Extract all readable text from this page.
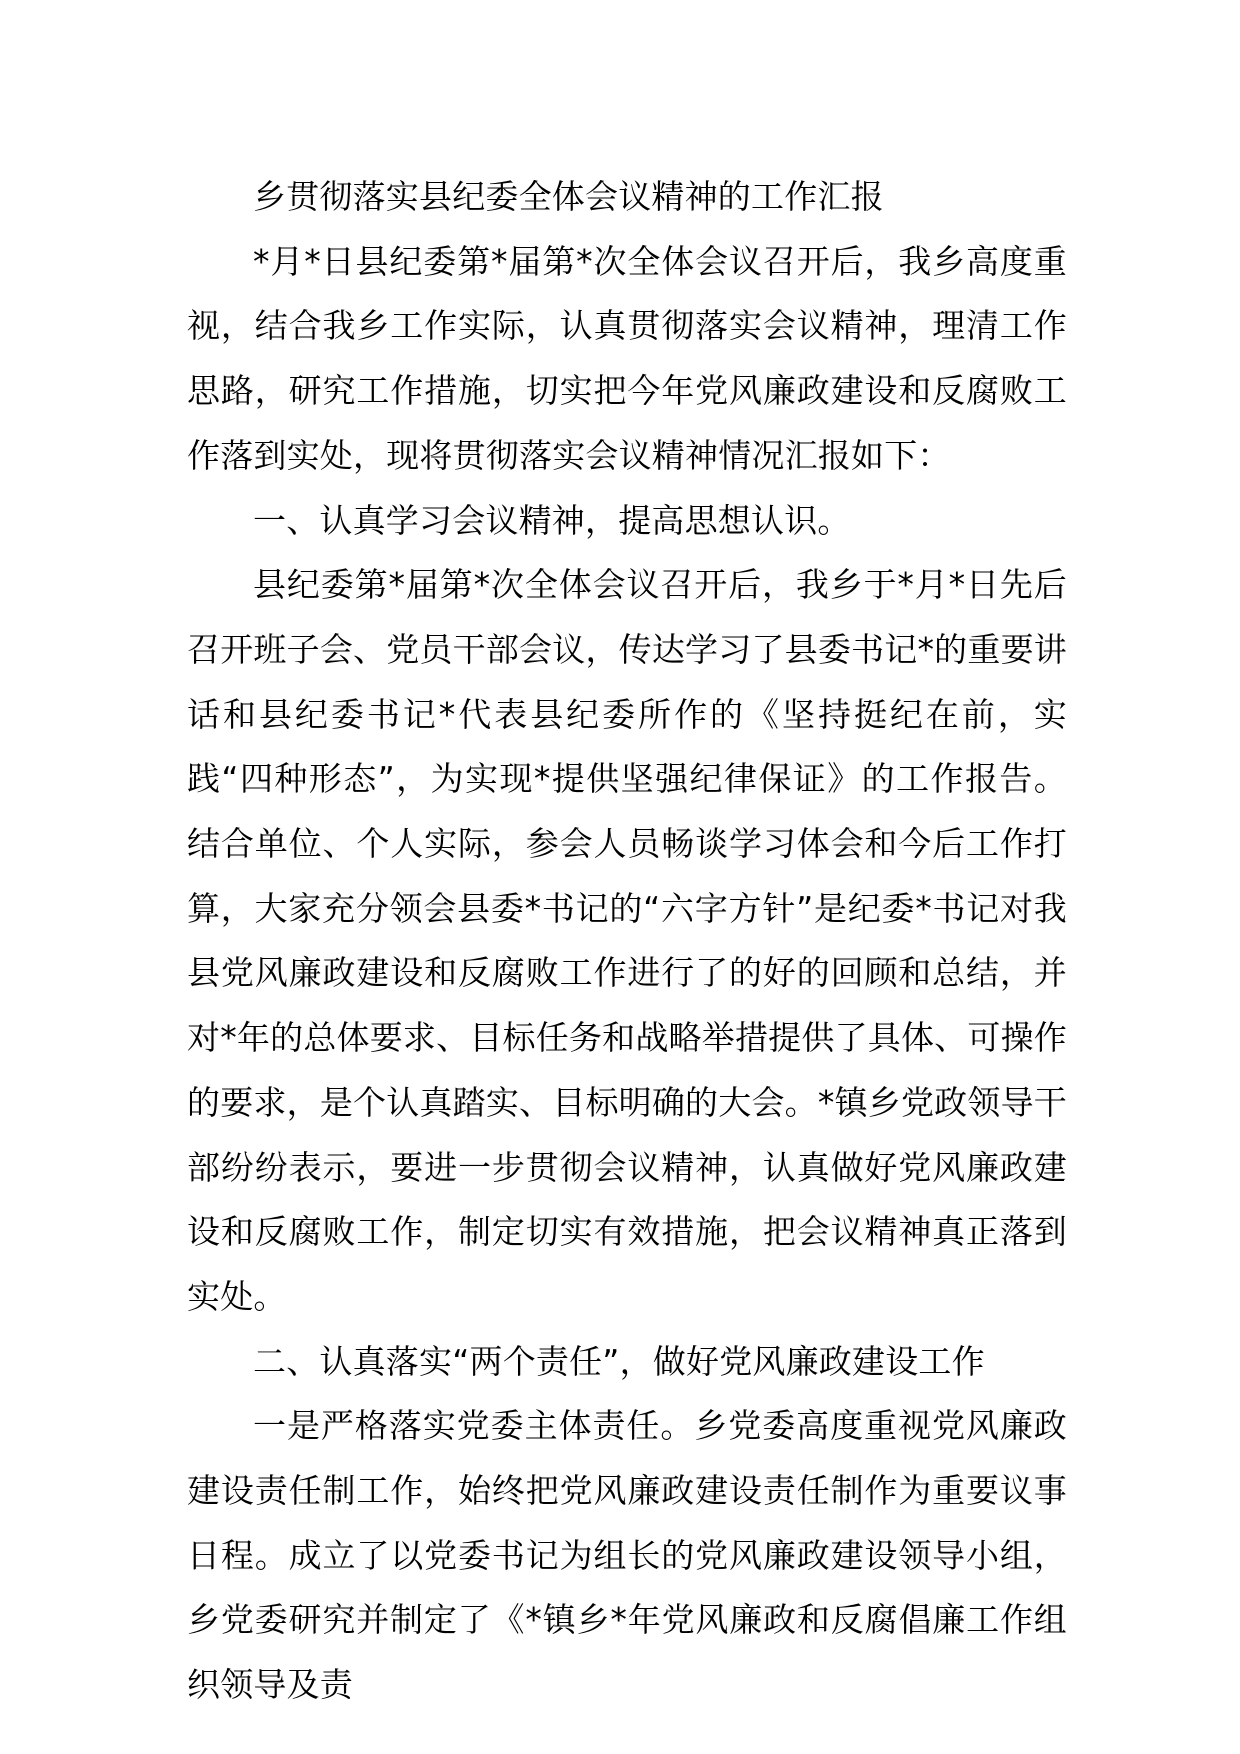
乡贯彻落实县纪委全体会议精神的工作汇报

*月*日县纪委第*届第*次全体会议召开后，我乡高度重视，结合我乡工作实际，认真贯彻落实会议精神，理清工作思路，研究工作措施，切实把今年党风廉政建设和反腐败工作落到实处，现将贯彻落实会议精神情况汇报如下：

一、认真学习会议精神，提高思想认识。

县纪委第*届第*次全体会议召开后，我乡于*月*日先后召开班子会、党员干部会议，传达学习了县委书记*的重要讲话和县纪委书记*代表县纪委所作的《坚持挺纪在前，实践“四种形态”，为实现*提供坚强纪律保证》的工作报告。结合单位、个人实际，参会人员畅谈学习体会和今后工作打算，大家充分领会县委*书记的“六字方针”是纪委*书记对我县党风廉政建设和反腐败工作进行了的好的回顾和总结，并对*年的总体要求、目标任务和战略举措提供了具体、可操作的要求，是个认真踏实、目标明确的大会。*镇乡党政领导干部纷纷表示，要进一步贯彻会议精神，认真做好党风廉政建设和反腐败工作，制定切实有效措施，把会议精神真正落到实处。

二、认真落实“两个责任”，做好党风廉政建设工作

一是严格落实党委主体责任。乡党委高度重视党风廉政建设责任制工作，始终把党风廉政建设责任制作为重要议事日程。成立了以党委书记为组长的党风廉政建设领导小组，乡党委研究并制定了《*镇乡*年党风廉政和反腐倡廉工作组织领导及责
